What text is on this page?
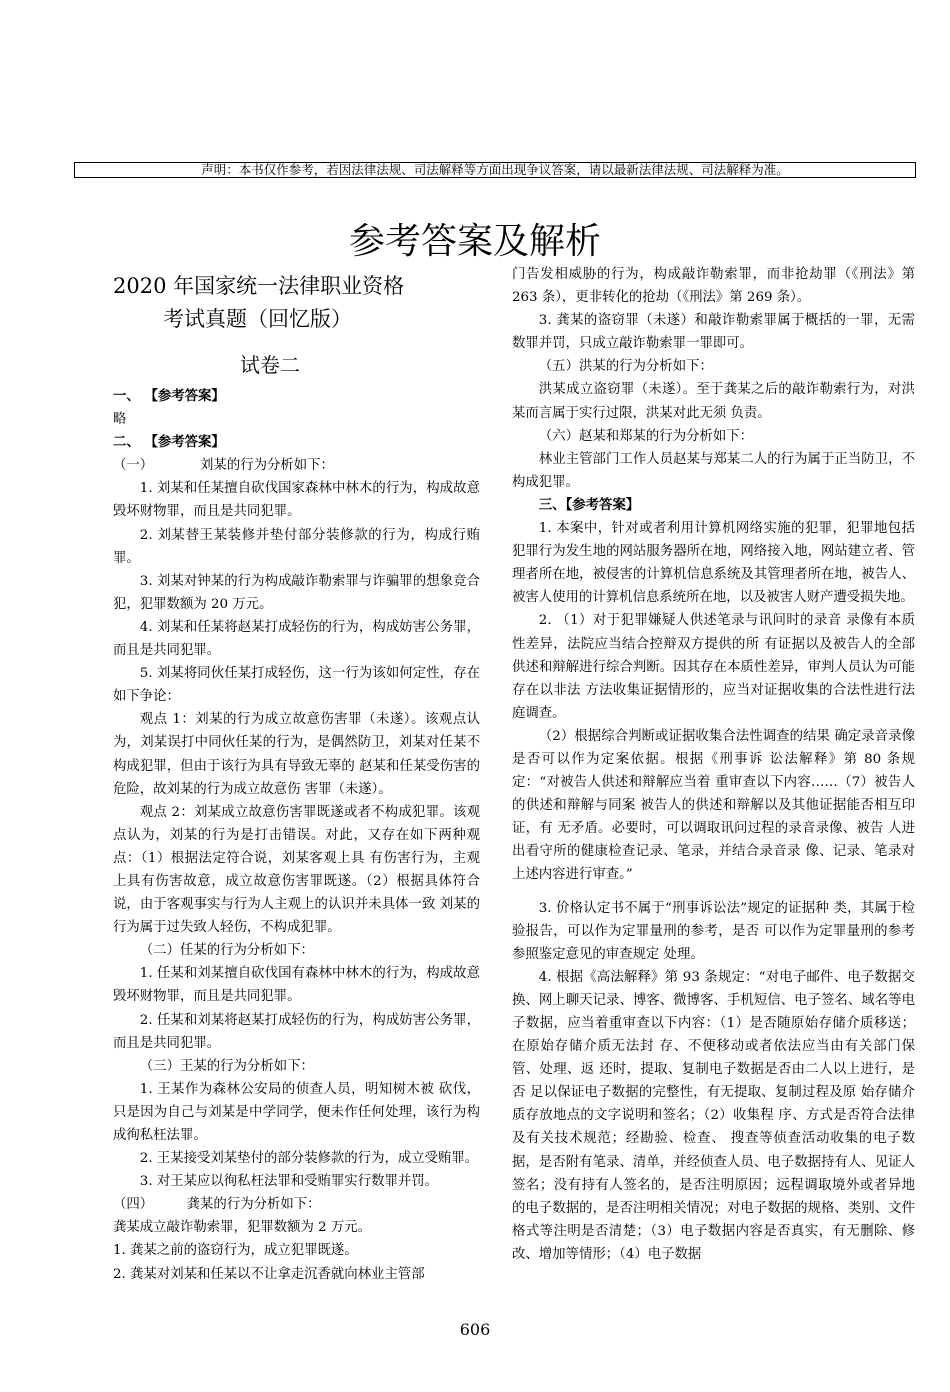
声明：本书仅作参考，若因法律法规、司法解释等方面出现争议答案，请以最新法律法规、司法解释为准。
参考答案及解析
2020 年国家统一法律职业资格
考试真题（回忆版）
试卷二

一、 【参考答案】

略

二、 【参考答案】

（一）　　　　刘某的行为分析如下：

1. 刘某和任某擅自砍伐国家森林中林木的行为，构成故意毁坏财物罪，而且是共同犯罪。

2. 刘某替王某装修并垫付部分装修款的行为，构成行贿罪。

3. 刘某对钟某的行为构成敲诈勒索罪与诈骗罪的想象竞合犯，犯罪数额为 20 万元。

4. 刘某和任某将赵某打成轻伤的行为，构成妨害公务罪，而且是共同犯罪。

5. 刘某将同伙任某打成轻伤，这一行为该如何定性，存在如下争论：

观点 1：刘某的行为成立故意伤害罪（未遂）。该观点认为，刘某误打中同伙任某的行为，是偶然防卫，刘某对任某不构成犯罪，但由于该行为具有导致无辜的 赵某和任某受伤害的危险，故刘某的行为成立故意伤 害罪（未遂）。

观点 2：刘某成立故意伤害罪既遂或者不构成犯罪。该观点认为，刘某的行为是打击错误。对此，又存在如下两种观点：（1）根据法定符合说，刘某客观上具 有伤害行为，主观上具有伤害故意，成立故意伤害罪既遂。（2）根据具体符合说，由于客观事实与行为人主观上的认识并未具体一致 刘某的行为属于过失致人轻伤，不构成犯罪。

（二）任某的行为分析如下：

1. 任某和刘某擅自砍伐国有森林中林木的行为，构成故意毁坏财物罪，而且是共同犯罪。

2. 任某和刘某将赵某打成轻伤的行为，构成妨害公务罪，而且是共同犯罪。

（三）王某的行为分析如下：

1. 王某作为森林公安局的侦查人员，明知树木被 砍伐，只是因为自己与刘某是中学同学，便未作任何处理，该行为构成徇私枉法罪。

2. 王某接受刘某垫付的部分装修款的行为，成立受贿罪。

3. 对王某应以徇私枉法罪和受贿罪实行数罪并罚。

（四）　　　龚某的行为分析如下：

龚某成立敲诈勒索罪，犯罪数额为 2 万元。

1. 龚某之前的盗窃行为，成立犯罪既遂。

2. 龚某对刘某和任某以不让拿走沉香就向林业主管部

门告发相威胁的行为，构成敲诈勒索罪，而非抢劫罪（《刑法》第 263 条），更非转化的抢劫（《刑法》第 269 条）。

3. 龚某的盗窃罪（未遂）和敲诈勒索罪属于概括的一罪，无需数罪并罚，只成立敲诈勒索罪一罪即可。

（五）洪某的行为分析如下：

洪某成立盗窃罪（未遂）。至于龚某之后的敲诈勒索行为，对洪某而言属于实行过限，洪某对此无须 负责。

（六）赵某和郑某的行为分析如下：

林业主管部门工作人员赵某与郑某二人的行为属于正当防卫，不构成犯罪。

三、【参考答案】

1. 本案中，针对或者利用计算机网络实施的犯罪，犯罪地包括犯罪行为发生地的网站服务器所在地，网络接入地，网站建立者、管理者所在地，被侵害的计算机信息系统及其管理者所在地，被告人、被害人使用的计算机信息系统所在地，以及被害人财产遭受损失地。

2. （1）对于犯罪嫌疑人供述笔录与讯问时的录音 录像有本质性差异，法院应当结合控辩双方提供的所 有证据以及被告人的全部供述和辩解进行综合判断。因其存在本质性差异，审判人员认为可能存在以非法 方法收集证据情形的，应当对证据收集的合法性进行法庭调查。

（2）根据综合判断或证据收集合法性调查的结果 确定录音录像是否可以作为定案依据。根据《刑事诉 讼法解释》第 80 条规定：“对被告人供述和辩解应当着 重审查以下内容……（7）被告人的供述和辩解与同案 被告人的供述和辩解以及其他证据能否相互印证，有 无矛盾。必要时，可以调取讯问过程的录音录像、被告 人进出看守所的健康检查记录、笔录，并结合录音录 像、记录、笔录对上述内容进行审查。”

3. 价格认定书不属于“刑事诉讼法”规定的证据种 类，其属于检验报告，可以作为定罪量刑的参考，是否 可以作为定罪量刑的参考参照鉴定意见的审查规定 处理。

4. 根据《高法解释》第 93 条规定：“对电子邮件、电子数据交换、网上聊天记录、博客、微博客、手机短信、电子签名、域名等电子数据，应当着重审查以下内容：（1）是否随原始存储介质移送；在原始存储介质无法封 存、不便移动或者依法应当由有关部门保管、处理、返 还时，提取、复制电子数据是否由二人以上进行，是否 足以保证电子数据的完整性，有无提取、复制过程及原 始存储介质存放地点的文字说明和签名；（2）收集程 序、方式是否符合法律及有关技术规范；经勘验、检查、 搜查等侦查活动收集的电子数据，是否附有笔录、清单，并经侦查人员、电子数据持有人、见证人签名；没有持有人签名的，是否注明原因；远程调取境外或者异地 的电子数据的，是否注明相关情况；对电子数据的规格、类别、文件格式等注明是否清楚；（3）电子数据内容是否真实，有无删除、修改、增加等情形；（4）电子数据

606
